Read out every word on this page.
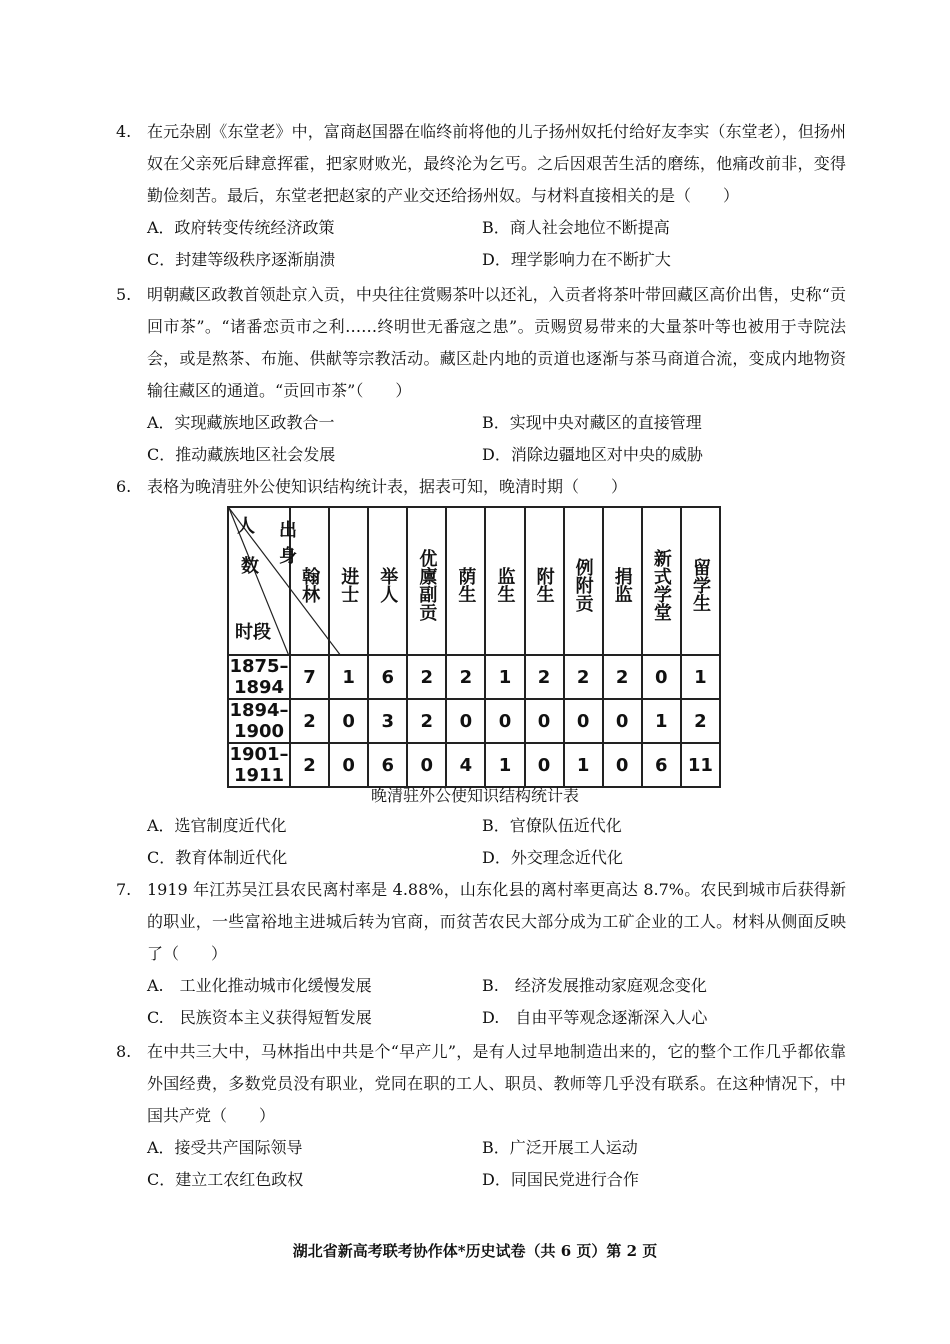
4. 在元杂剧《东堂老》中，富商赵国器在临终前将他的儿子扬州奴托付给好友李实（东堂老），但扬州奴在父亲死后肆意挥霍，把家财败光，最终沦为乞丐。之后因艰苦生活的磨练，他痛改前非，变得勤俭刻苦。最后，东堂老把赵家的产业交还给扬州奴。与材料直接相关的是（　　）
A．政府转变传统经济政策	B．商人社会地位不断提高
C．封建等级秩序逐渐崩溃	D．理学影响力在不断扩大
5. 明朝藏区政教首领赴京入贡，中央往往赏赐茶叶以还礼，入贡者将茶叶带回藏区高价出售，史称“贡回市茶”。“诸番恋贡市之利……终明世无番寇之患”。贡赐贸易带来的大量茶叶等也被用于寺院法会，或是熬茶、布施、供献等宗教活动。藏区赴内地的贡道也逐渐与茶马商道合流，变成内地物资输往藏区的通道。“贡回市茶”（　　）
A．实现藏族地区政教合一	B．实现中央对藏区的直接管理
C．推动藏族地区社会发展	D．消除边疆地区对中央的威胁
6. 表格为晚清驻外公使知识结构统计表，据表可知，晚清时期（　　）
人 出身
数
时段	翰林	进士	举人	优廪副贡	荫生	监生	附生	例附贡	捐监	新式学堂	留学生
1875–1894	7	1	6	2	2	1	2	2	2	0	1
1894–1900	2	0	3	2	0	0	0	0	0	1	2
1901–1911	2	0	6	0	4	1	0	1	0	6	11
晚清驻外公使知识结构统计表
A．选官制度近代化	B．官僚队伍近代化
C．教育体制近代化	D．外交理念近代化
7. 1919 年江苏吴江县农民离村率是 4.88%，山东化县的离村率更高达 8.7%。农民到城市后获得新的职业，一些富裕地主进城后转为官商，而贫苦农民大部分成为工矿企业的工人。材料从侧面反映了（　　）
A.　工业化推动城市化缓慢发展	B.　经济发展推动家庭观念变化
C.　民族资本主义获得短暂发展	D.　自由平等观念逐渐深入人心
8. 在中共三大中，马林指出中共是个“早产儿”，是有人过早地制造出来的，它的整个工作几乎都依靠外国经费，多数党员没有职业，党同在职的工人、职员、教师等几乎没有联系。在这种情况下，中国共产党（　　）
A．接受共产国际领导	B．广泛开展工人运动
C．建立工农红色政权	D．同国民党进行合作
湖北省新高考联考协作体*历史试卷（共 6 页）第 2 页
